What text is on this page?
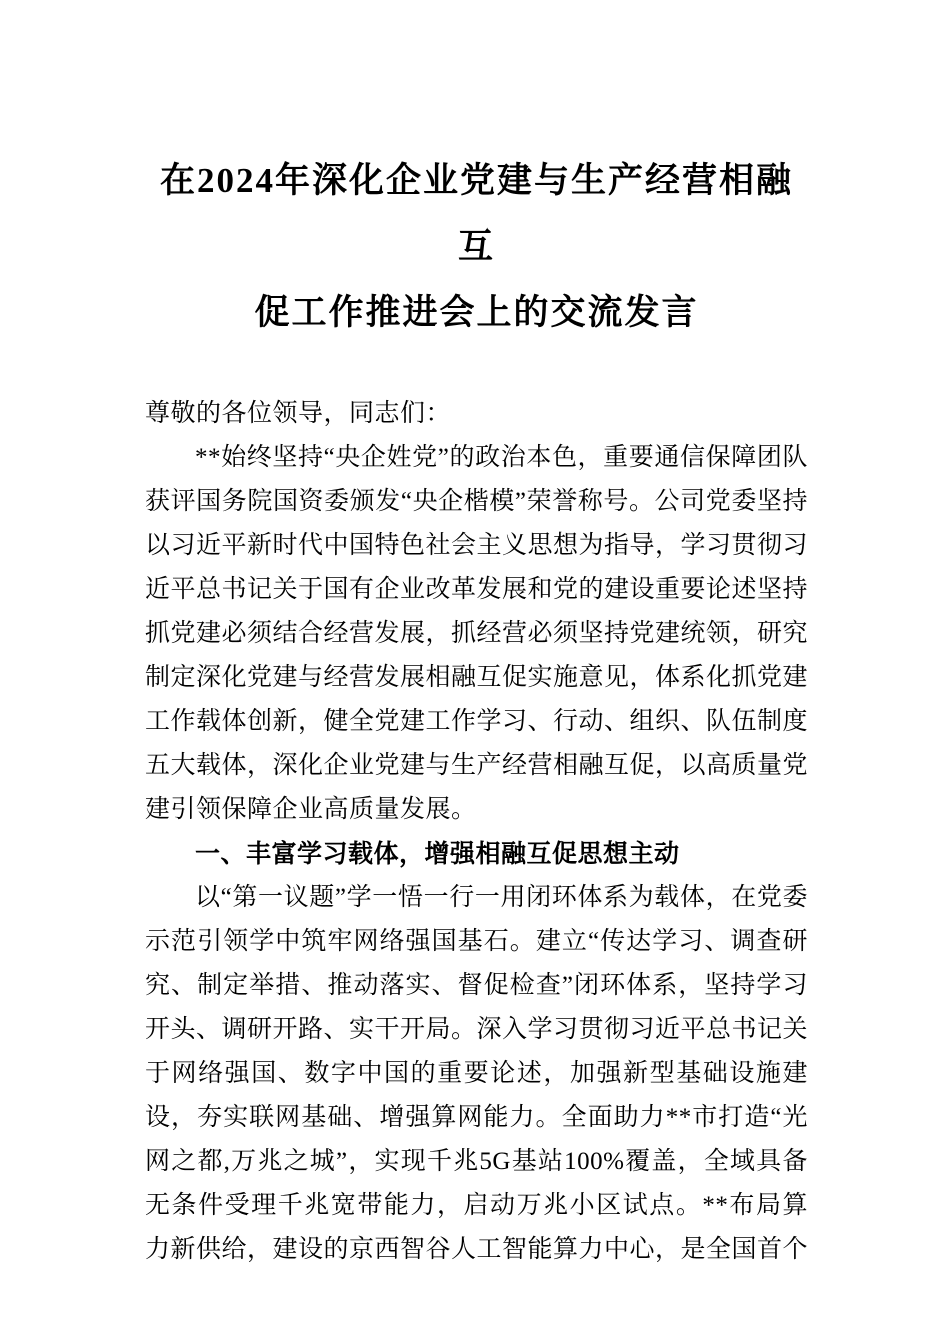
在2024年深化企业党建与生产经营相融互
促工作推进会上的交流发言

尊敬的各位领导，同志们：

**始终坚持“央企姓党”的政治本色，重要通信保障团队获评国务院国资委颁发“央企楷模”荣誉称号。公司党委坚持以习近平新时代中国特色社会主义思想为指导，学习贯彻习近平总书记关于国有企业改革发展和党的建设重要论述坚持抓党建必须结合经营发展，抓经营必须坚持党建统领，研究制定深化党建与经营发展相融互促实施意见，体系化抓党建工作载体创新，健全党建工作学习、行动、组织、队伍制度五大载体，深化企业党建与生产经营相融互促，以高质量党建引领保障企业高质量发展。

一、丰富学习载体，增强相融互促思想主动

以“第一议题”学一悟一行一用闭环体系为载体，在党委示范引领学中筑牢网络强国基石。建立“传达学习、调查研究、制定举措、推动落实、督促检查”闭环体系，坚持学习开头、调研开路、实干开局。深入学习贯彻习近平总书记关于网络强国、数字中国的重要论述，加强新型基础设施建设，夯实联网基础、增强算网能力。全面助力**市打造“光网之都,万兆之城”，实现千兆5G基站100%覆盖，全域具备无条件受理千兆宽带能力，启动万兆小区试点。**布局算力新供给，建设的京西智谷人工智能算力中心，是全国首个
